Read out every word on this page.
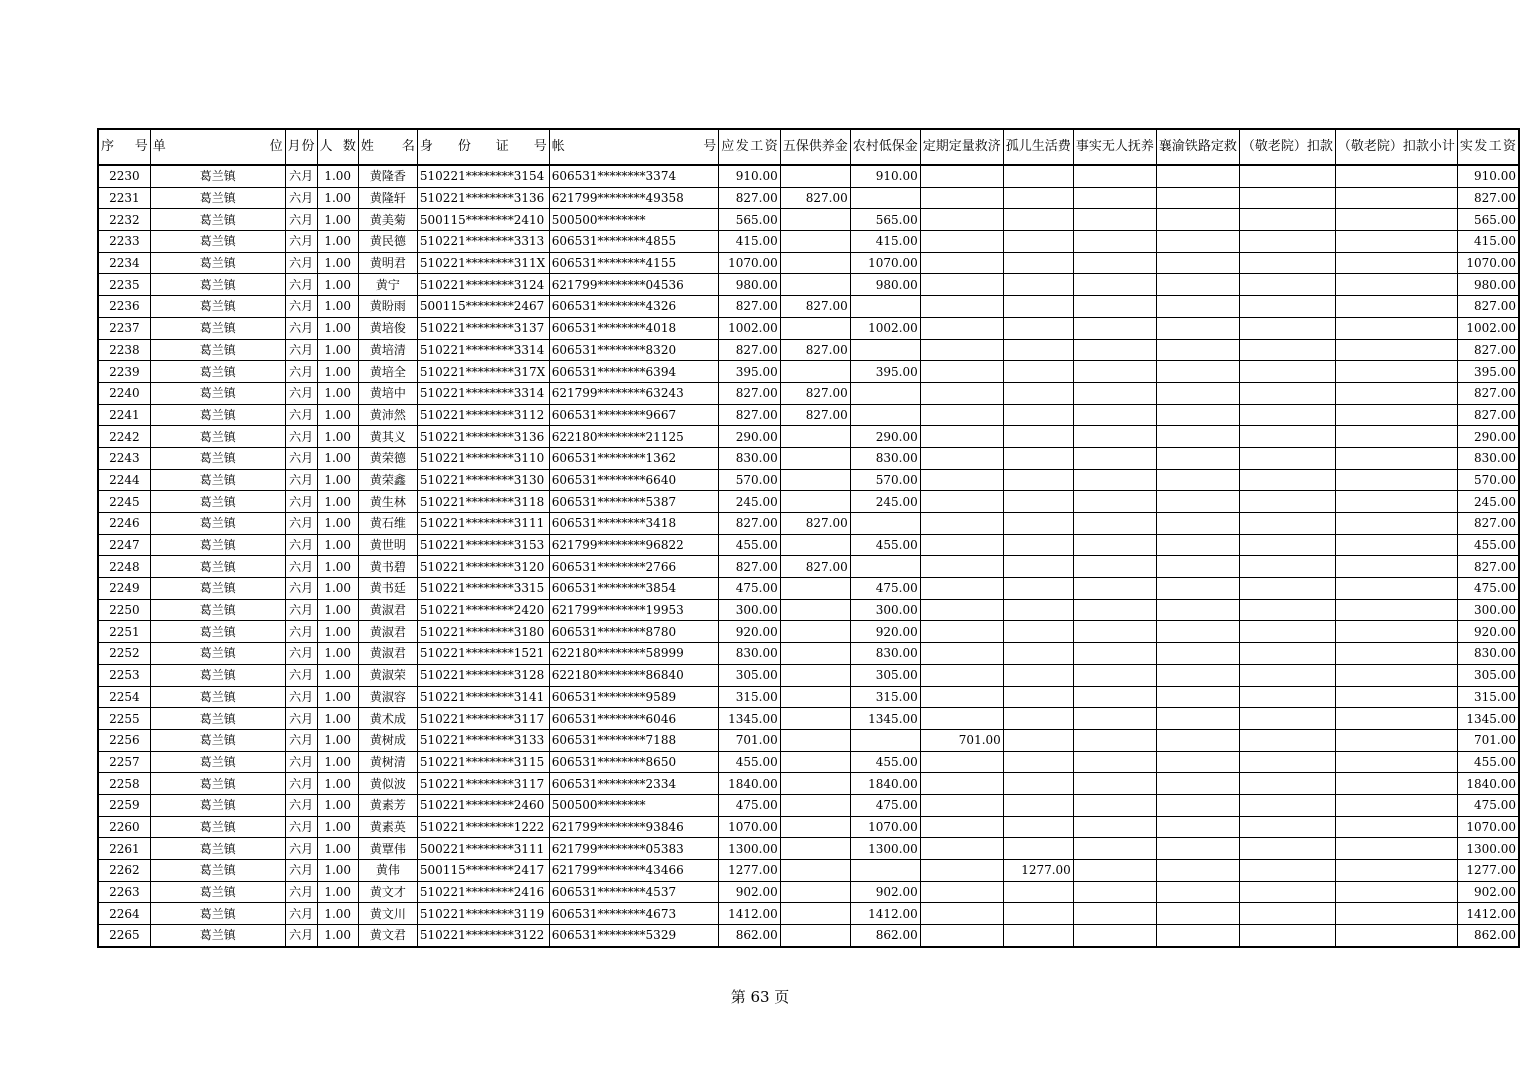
序 号	单 位	月份	人 数	姓 名	身 份 证 号	帐 号	应发工资	五保供养金	农村低保金	定期定量救济	孤儿生活费	事实无人抚养	襄渝铁路定救	（敬老院）扣款	（敬老院）扣款小计	实发工资
2230	葛兰镇	六月	1.00	黄隆香	510221********3154	606531********3374	910.00		910.00							910.00
2231	葛兰镇	六月	1.00	黄隆轩	510221********3136	621799********49358	827.00	827.00								827.00
2232	葛兰镇	六月	1.00	黄美菊	500115********2410	500500********	565.00		565.00							565.00
2233	葛兰镇	六月	1.00	黄民德	510221********3313	606531********4855	415.00		415.00							415.00
2234	葛兰镇	六月	1.00	黄明君	510221********311X	606531********4155	1070.00		1070.00							1070.00
2235	葛兰镇	六月	1.00	黄宁	510221********3124	621799********04536	980.00		980.00							980.00
2236	葛兰镇	六月	1.00	黄盼雨	500115********2467	606531********4326	827.00	827.00								827.00
2237	葛兰镇	六月	1.00	黄培俊	510221********3137	606531********4018	1002.00		1002.00							1002.00
2238	葛兰镇	六月	1.00	黄培清	510221********3314	606531********8320	827.00	827.00								827.00
2239	葛兰镇	六月	1.00	黄培全	510221********317X	606531********6394	395.00		395.00							395.00
2240	葛兰镇	六月	1.00	黄培中	510221********3314	621799********63243	827.00	827.00								827.00
2241	葛兰镇	六月	1.00	黄沛然	510221********3112	606531********9667	827.00	827.00								827.00
2242	葛兰镇	六月	1.00	黄其义	510221********3136	622180********21125	290.00		290.00							290.00
2243	葛兰镇	六月	1.00	黄荣德	510221********3110	606531********1362	830.00		830.00							830.00
2244	葛兰镇	六月	1.00	黄荣鑫	510221********3130	606531********6640	570.00		570.00							570.00
2245	葛兰镇	六月	1.00	黄生林	510221********3118	606531********5387	245.00		245.00							245.00
2246	葛兰镇	六月	1.00	黄石维	510221********3111	606531********3418	827.00	827.00								827.00
2247	葛兰镇	六月	1.00	黄世明	510221********3153	621799********96822	455.00		455.00							455.00
2248	葛兰镇	六月	1.00	黄书碧	510221********3120	606531********2766	827.00	827.00								827.00
2249	葛兰镇	六月	1.00	黄书廷	510221********3315	606531********3854	475.00		475.00							475.00
2250	葛兰镇	六月	1.00	黄淑君	510221********2420	621799********19953	300.00		300.00							300.00
2251	葛兰镇	六月	1.00	黄淑君	510221********3180	606531********8780	920.00		920.00							920.00
2252	葛兰镇	六月	1.00	黄淑君	510221********1521	622180********58999	830.00		830.00							830.00
2253	葛兰镇	六月	1.00	黄淑荣	510221********3128	622180********86840	305.00		305.00							305.00
2254	葛兰镇	六月	1.00	黄淑容	510221********3141	606531********9589	315.00		315.00							315.00
2255	葛兰镇	六月	1.00	黄术成	510221********3117	606531********6046	1345.00		1345.00							1345.00
2256	葛兰镇	六月	1.00	黄树成	510221********3133	606531********7188	701.00			701.00						701.00
2257	葛兰镇	六月	1.00	黄树清	510221********3115	606531********8650	455.00		455.00							455.00
2258	葛兰镇	六月	1.00	黄似波	510221********3117	606531********2334	1840.00		1840.00							1840.00
2259	葛兰镇	六月	1.00	黄素芳	510221********2460	500500********	475.00		475.00							475.00
2260	葛兰镇	六月	1.00	黄素英	510221********1222	621799********93846	1070.00		1070.00							1070.00
2261	葛兰镇	六月	1.00	黄覃伟	500221********3111	621799********05383	1300.00		1300.00							1300.00
2262	葛兰镇	六月	1.00	黄伟	500115********2417	621799********43466	1277.00				1277.00					1277.00
2263	葛兰镇	六月	1.00	黄文才	510221********2416	606531********4537	902.00		902.00							902.00
2264	葛兰镇	六月	1.00	黄文川	510221********3119	606531********4673	1412.00		1412.00							1412.00
2265	葛兰镇	六月	1.00	黄文君	510221********3122	606531********5329	862.00		862.00							862.00
第 63 页
